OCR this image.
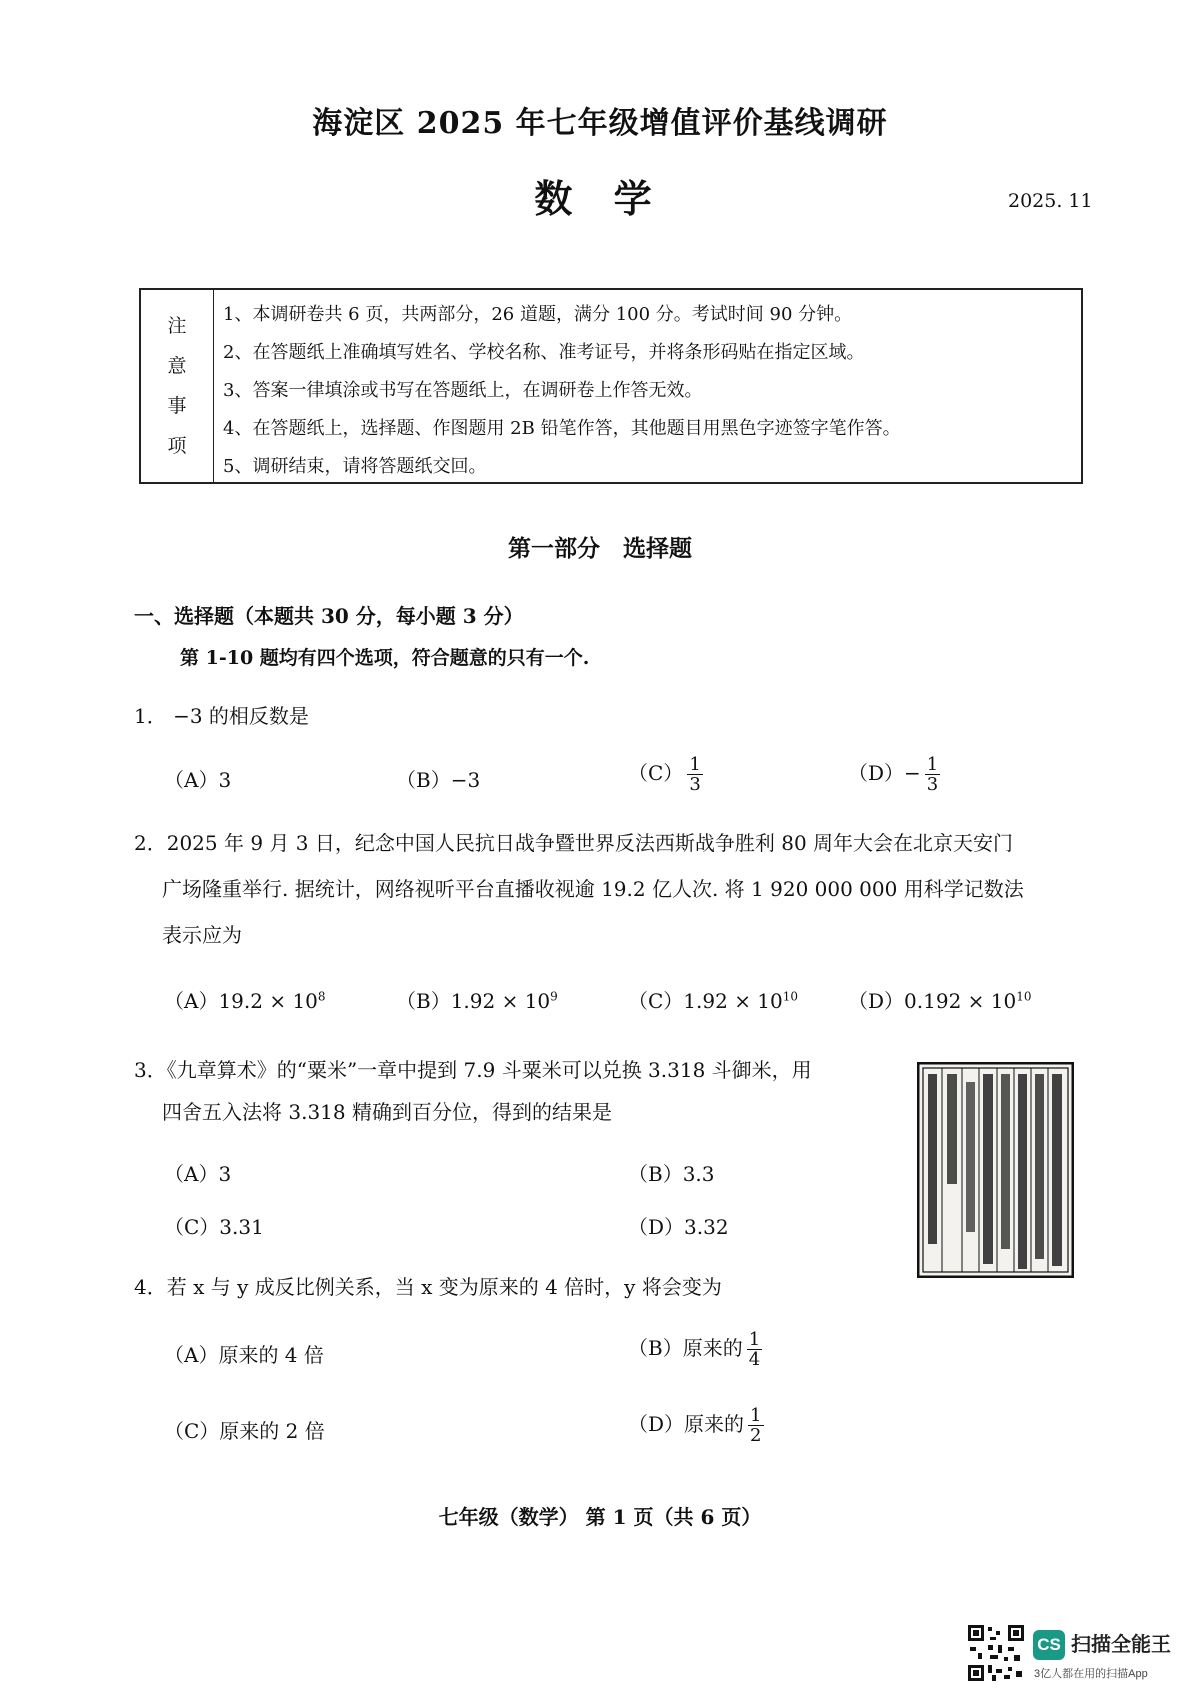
海淀区 2025 年七年级增值评价基线调研
数 学	2025. 11
注
意
事
项
1、本调研卷共 6 页，共两部分，26 道题，满分 100 分。考试时间 90 分钟。
2、在答题纸上准确填写姓名、学校名称、准考证号，并将条形码贴在指定区域。
3、答案一律填涂或书写在答题纸上，在调研卷上作答无效。
4、在答题纸上，选择题、作图题用 2B 铅笔作答，其他题目用黑色字迹签字笔作答。
5、调研结束，请将答题纸交回。
第一部分　选择题
一、选择题（本题共 30 分，每小题 3 分）
第 1-10 题均有四个选项，符合题意的只有一个.
1． −3 的相反数是
（A）3	（B）−3	$(C) \frac{1}{3}$	$(D)- \frac{1}{3}$
2．2025 年 9 月 3 日，纪念中国人民抗日战争暨世界反法西斯战争胜利 80 周年大会在北京天安门
广场隆重举行. 据统计，网络视听平台直播收视逾 19.2 亿人次. 将 1 920 000 000 用科学记数法
表示应为
$(A)19.2 \times 10^8$	$(B)1.92 \times 10^9$	$(C)1.92 \times 10^{10}$ $(D)0.192 \times 10^{10}$
3．《九章算术》的“粟米”一章中提到 7.9 斗粟米可以兑换 3.318 斗御米，用
四舍五入法将 3.318 精确到百分位，得到的结果是
（A）3	（B）3.3
（C）3.31	（D）3.32
4．若 x 与 y 成反比例关系，当 x 变为原来的 4 倍时，y 将会变为
（A）原来的 4 倍	（B）原来的 $\frac{1}{4}$
（C）原来的 2 倍	（D）原来的 $\frac{1}{2}$
七年级（数学） 第 1 页（共 6 页）
CS 扫描全能王
3亿人都在用的扫描App
